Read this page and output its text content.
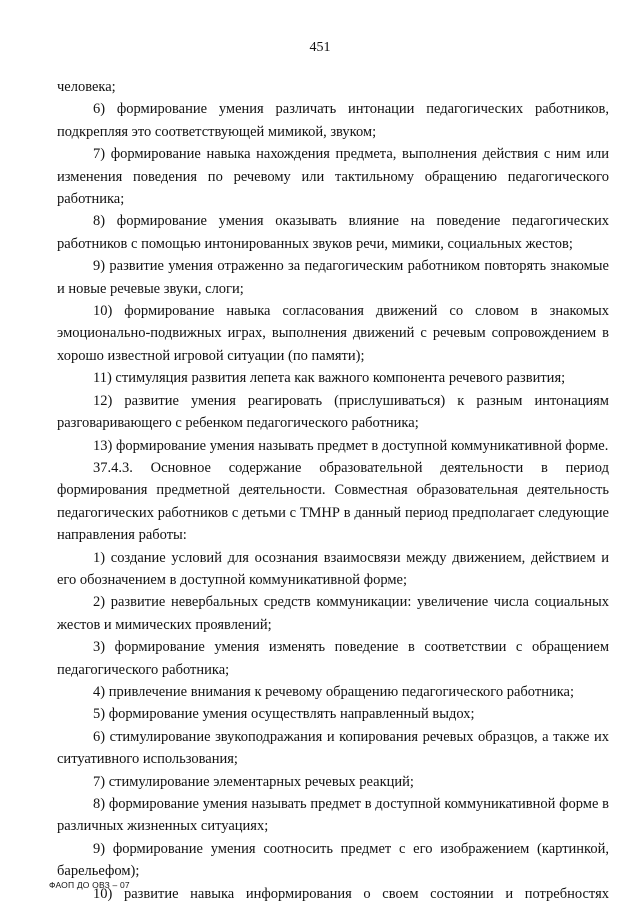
451

человека;

6) формирование умения различать интонации педагогических работников, подкрепляя это соответствующей мимикой, звуком;

7) формирование навыка нахождения предмета, выполнения действия с ним или изменения поведения по речевому или тактильному обращению педагогического работника;

8) формирование умения оказывать влияние на поведение педагогических работников с помощью интонированных звуков речи, мимики, социальных жестов;

9) развитие умения отраженно за педагогическим работником повторять знакомые и новые речевые звуки, слоги;

10) формирование навыка согласования движений со словом в знакомых эмоционально-подвижных играх, выполнения движений с речевым сопровождением в хорошо известной игровой ситуации (по памяти);

11) стимуляция развития лепета как важного компонента речевого развития;

12) развитие умения реагировать (прислушиваться) к разным интонациям разговаривающего с ребенком педагогического работника;

13) формирование умения называть предмет в доступной коммуникативной форме.

37.4.3. Основное содержание образовательной деятельности в период формирования предметной деятельности. Совместная образовательная деятельность педагогических работников с детьми с ТМНР в данный период предполагает следующие направления работы:

1) создание условий для осознания взаимосвязи между движением, действием и его обозначением в доступной коммуникативной форме;

2) развитие невербальных средств коммуникации: увеличение числа социальных жестов и мимических проявлений;

3) формирование умения изменять поведение в соответствии с обращением педагогического работника;

4) привлечение внимания к речевому обращению педагогического работника;

5) формирование умения осуществлять направленный выдох;

6) стимулирование звукоподражания и копирования речевых образцов, а также их ситуативного использования;

7) стимулирование элементарных речевых реакций;

8) формирование умения называть предмет в доступной коммуникативной форме в различных жизненных ситуациях;

9) формирование умения соотносить предмет с его изображением (картинкой, барельефом);

10) развитие навыка информирования о своем состоянии и потребностях

ФАОП ДО ОВЗ – 07
